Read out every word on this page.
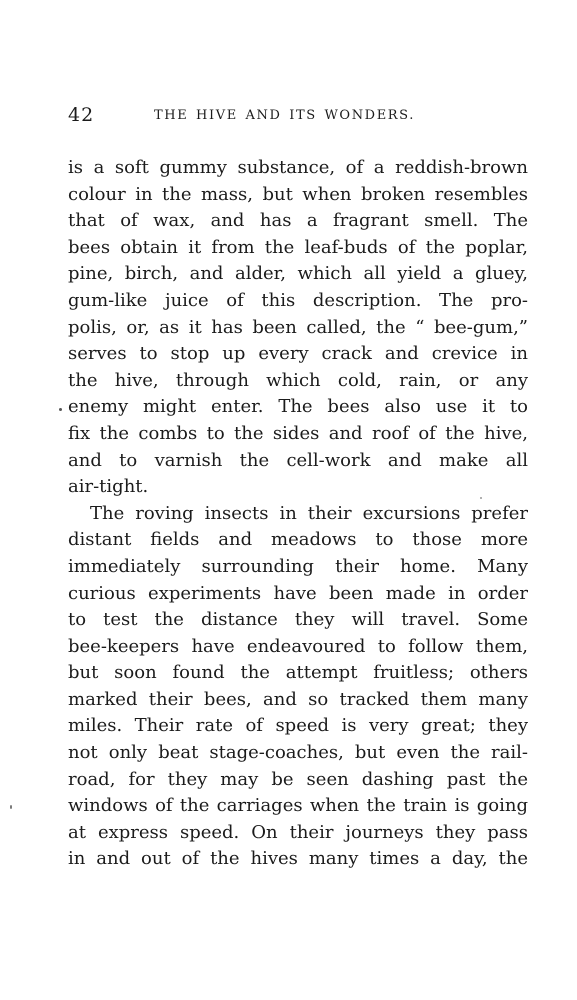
42	THE HIVE AND ITS WONDERS.
is a soft gummy substance, of a reddish-brown
colour in the mass, but when broken resembles
that of wax, and has a fragrant smell. The
bees obtain it from the leaf-buds of the poplar,
pine, birch, and alder, which all yield a gluey,
gum-like juice of this description. The pro-
polis, or, as it has been called, the “ bee-gum,”
serves to stop up every crack and crevice in
the hive, through which cold, rain, or any
enemy might enter. The bees also use it to
fix the combs to the sides and roof of the hive,
and to varnish the cell-work and make all
air-tight.
The roving insects in their excursions prefer
distant fields and meadows to those more
immediately surrounding their home. Many
curious experiments have been made in order
to test the distance they will travel. Some
bee-keepers have endeavoured to follow them,
but soon found the attempt fruitless; others
marked their bees, and so tracked them many
miles. Their rate of speed is very great; they
not only beat stage-coaches, but even the rail-
road, for they may be seen dashing past the
windows of the carriages when the train is going
at express speed. On their journeys they pass
in and out of the hives many times a day, the
